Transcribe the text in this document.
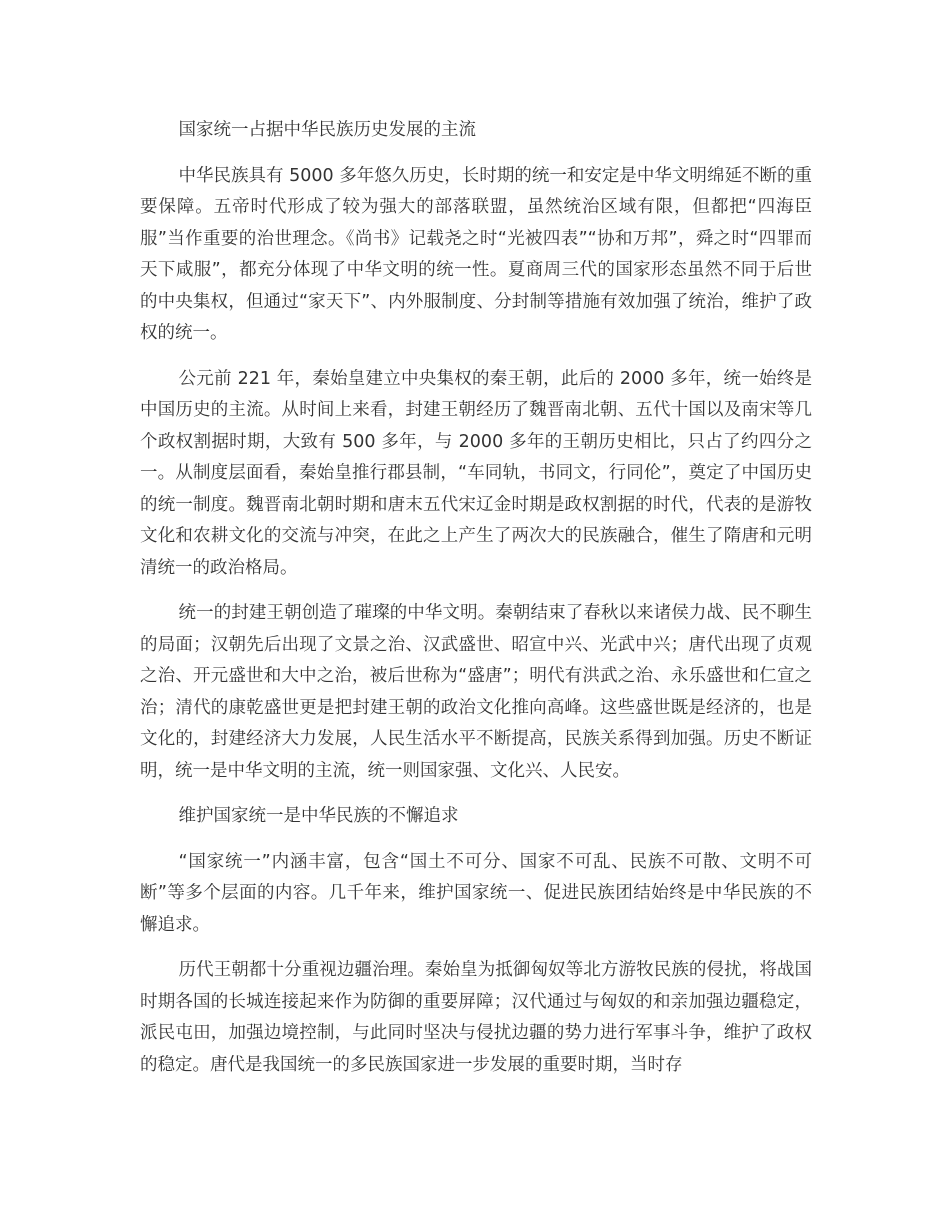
国家统一占据中华民族历史发展的主流

中华民族具有 5000 多年悠久历史，长时期的统一和安定是中华文明绵延不断的重要保障。五帝时代形成了较为强大的部落联盟，虽然统治区域有限，但都把“四海臣服”当作重要的治世理念。《尚书》记载尧之时“光被四表”“协和万邦”，舜之时“四罪而天下咸服”，都充分体现了中华文明的统一性。夏商周三代的国家形态虽然不同于后世的中央集权，但通过“家天下”、内外服制度、分封制等措施有效加强了统治，维护了政权的统一。

公元前 221 年，秦始皇建立中央集权的秦王朝，此后的 2000 多年，统一始终是中国历史的主流。从时间上来看，封建王朝经历了魏晋南北朝、五代十国以及南宋等几个政权割据时期，大致有 500 多年，与 2000 多年的王朝历史相比，只占了约四分之一。从制度层面看，秦始皇推行郡县制，“车同轨，书同文，行同伦”，奠定了中国历史的统一制度。魏晋南北朝时期和唐末五代宋辽金时期是政权割据的时代，代表的是游牧文化和农耕文化的交流与冲突，在此之上产生了两次大的民族融合，催生了隋唐和元明清统一的政治格局。

统一的封建王朝创造了璀璨的中华文明。秦朝结束了春秋以来诸侯力战、民不聊生的局面；汉朝先后出现了文景之治、汉武盛世、昭宣中兴、光武中兴；唐代出现了贞观之治、开元盛世和大中之治，被后世称为“盛唐”；明代有洪武之治、永乐盛世和仁宣之治；清代的康乾盛世更是把封建王朝的政治文化推向高峰。这些盛世既是经济的，也是文化的，封建经济大力发展，人民生活水平不断提高，民族关系得到加强。历史不断证明，统一是中华文明的主流，统一则国家强、文化兴、人民安。

维护国家统一是中华民族的不懈追求

“国家统一”内涵丰富，包含“国土不可分、国家不可乱、民族不可散、文明不可断”等多个层面的内容。几千年来，维护国家统一、促进民族团结始终是中华民族的不懈追求。

历代王朝都十分重视边疆治理。秦始皇为抵御匈奴等北方游牧民族的侵扰，将战国时期各国的长城连接起来作为防御的重要屏障；汉代通过与匈奴的和亲加强边疆稳定，派民屯田，加强边境控制，与此同时坚决与侵扰边疆的势力进行军事斗争，维护了政权的稳定。唐代是我国统一的多民族国家进一步发展的重要时期，当时存
